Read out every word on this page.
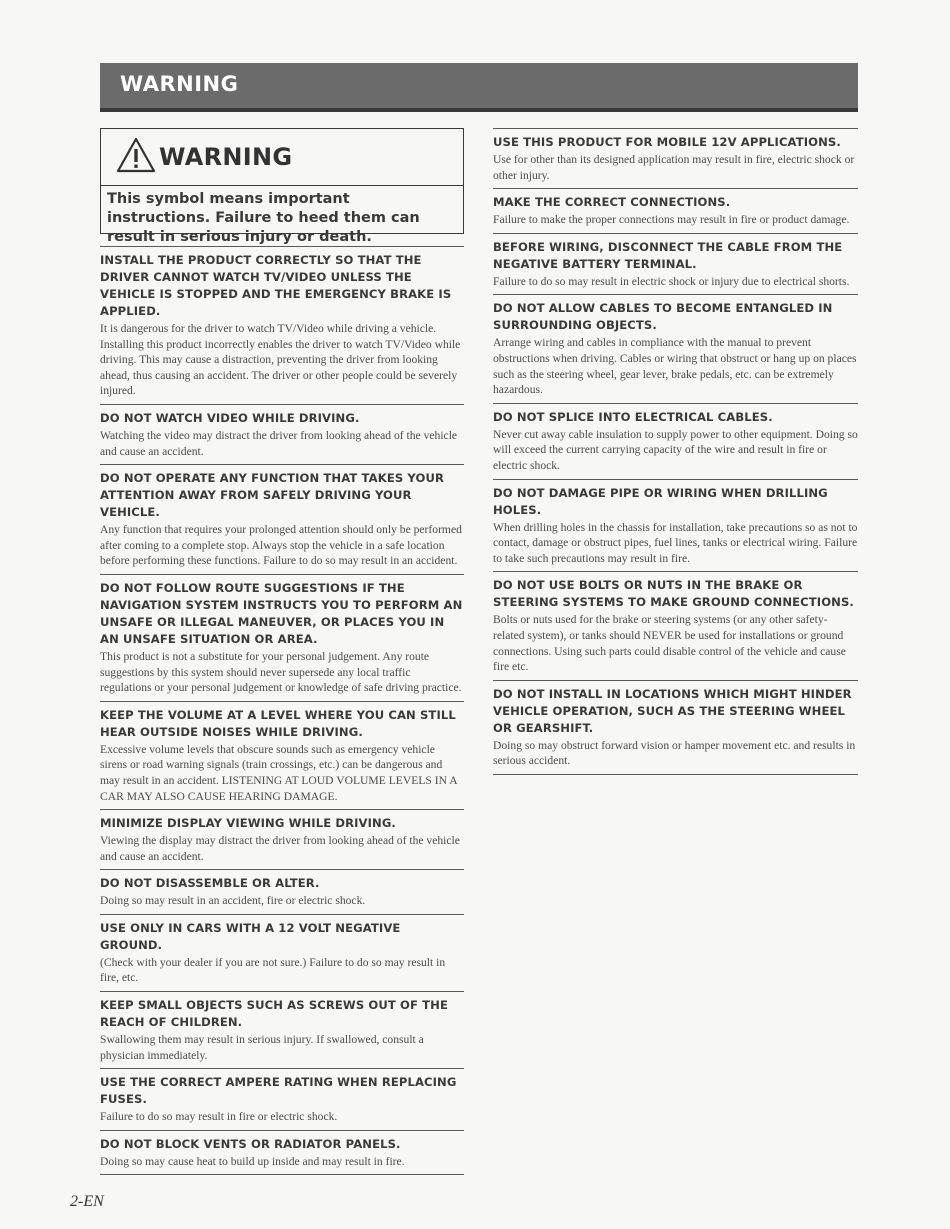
WARNING
WARNING
This symbol means important instructions. Failure to heed them can result in serious injury or death.
INSTALL THE PRODUCT CORRECTLY SO THAT THE DRIVER CANNOT WATCH TV/VIDEO UNLESS THE VEHICLE IS STOPPED AND THE EMERGENCY BRAKE IS APPLIED.
It is dangerous for the driver to watch TV/Video while driving a vehicle. Installing this product incorrectly enables the driver to watch TV/Video while driving. This may cause a distraction, preventing the driver from looking ahead, thus causing an accident. The driver or other people could be severely injured.
DO NOT WATCH VIDEO WHILE DRIVING.
Watching the video may distract the driver from looking ahead of the vehicle and cause an accident.
DO NOT OPERATE ANY FUNCTION THAT TAKES YOUR ATTENTION AWAY FROM SAFELY DRIVING YOUR VEHICLE.
Any function that requires your prolonged attention should only be performed after coming to a complete stop. Always stop the vehicle in a safe location before performing these functions. Failure to do so may result in an accident.
DO NOT FOLLOW ROUTE SUGGESTIONS IF THE NAVIGATION SYSTEM INSTRUCTS YOU TO PERFORM AN UNSAFE OR ILLEGAL MANEUVER, OR PLACES YOU IN AN UNSAFE SITUATION OR AREA.
This product is not a substitute for your personal judgement. Any route suggestions by this system should never supersede any local traffic regulations or your personal judgement or knowledge of safe driving practice.
KEEP THE VOLUME AT A LEVEL WHERE YOU CAN STILL HEAR OUTSIDE NOISES WHILE DRIVING.
Excessive volume levels that obscure sounds such as emergency vehicle sirens or road warning signals (train crossings, etc.) can be dangerous and may result in an accident. LISTENING AT LOUD VOLUME LEVELS IN A CAR MAY ALSO CAUSE HEARING DAMAGE.
MINIMIZE DISPLAY VIEWING WHILE DRIVING.
Viewing the display may distract the driver from looking ahead of the vehicle and cause an accident.
DO NOT DISASSEMBLE OR ALTER.
Doing so may result in an accident, fire or electric shock.
USE ONLY IN CARS WITH A 12 VOLT NEGATIVE GROUND.
(Check with your dealer if you are not sure.) Failure to do so may result in fire, etc.
KEEP SMALL OBJECTS SUCH AS SCREWS OUT OF THE REACH OF CHILDREN.
Swallowing them may result in serious injury. If swallowed, consult a physician immediately.
USE THE CORRECT AMPERE RATING WHEN REPLACING FUSES.
Failure to do so may result in fire or electric shock.
DO NOT BLOCK VENTS OR RADIATOR PANELS.
Doing so may cause heat to build up inside and may result in fire.
USE THIS PRODUCT FOR MOBILE 12V APPLICATIONS.
Use for other than its designed application may result in fire, electric shock or other injury.
MAKE THE CORRECT CONNECTIONS.
Failure to make the proper connections may result in fire or product damage.
BEFORE WIRING, DISCONNECT THE CABLE FROM THE NEGATIVE BATTERY TERMINAL.
Failure to do so may result in electric shock or injury due to electrical shorts.
DO NOT ALLOW CABLES TO BECOME ENTANGLED IN SURROUNDING OBJECTS.
Arrange wiring and cables in compliance with the manual to prevent obstructions when driving. Cables or wiring that obstruct or hang up on places such as the steering wheel, gear lever, brake pedals, etc. can be extremely hazardous.
DO NOT SPLICE INTO ELECTRICAL CABLES.
Never cut away cable insulation to supply power to other equipment. Doing so will exceed the current carrying capacity of the wire and result in fire or electric shock.
DO NOT DAMAGE PIPE OR WIRING WHEN DRILLING HOLES.
When drilling holes in the chassis for installation, take precautions so as not to contact, damage or obstruct pipes, fuel lines, tanks or electrical wiring. Failure to take such precautions may result in fire.
DO NOT USE BOLTS OR NUTS IN THE BRAKE OR STEERING SYSTEMS TO MAKE GROUND CONNECTIONS.
Bolts or nuts used for the brake or steering systems (or any other safety-related system), or tanks should NEVER be used for installations or ground connections. Using such parts could disable control of the vehicle and cause fire etc.
DO NOT INSTALL IN LOCATIONS WHICH MIGHT HINDER VEHICLE OPERATION, SUCH AS THE STEERING WHEEL OR GEARSHIFT.
Doing so may obstruct forward vision or hamper movement etc. and results in serious accident.
2-EN
